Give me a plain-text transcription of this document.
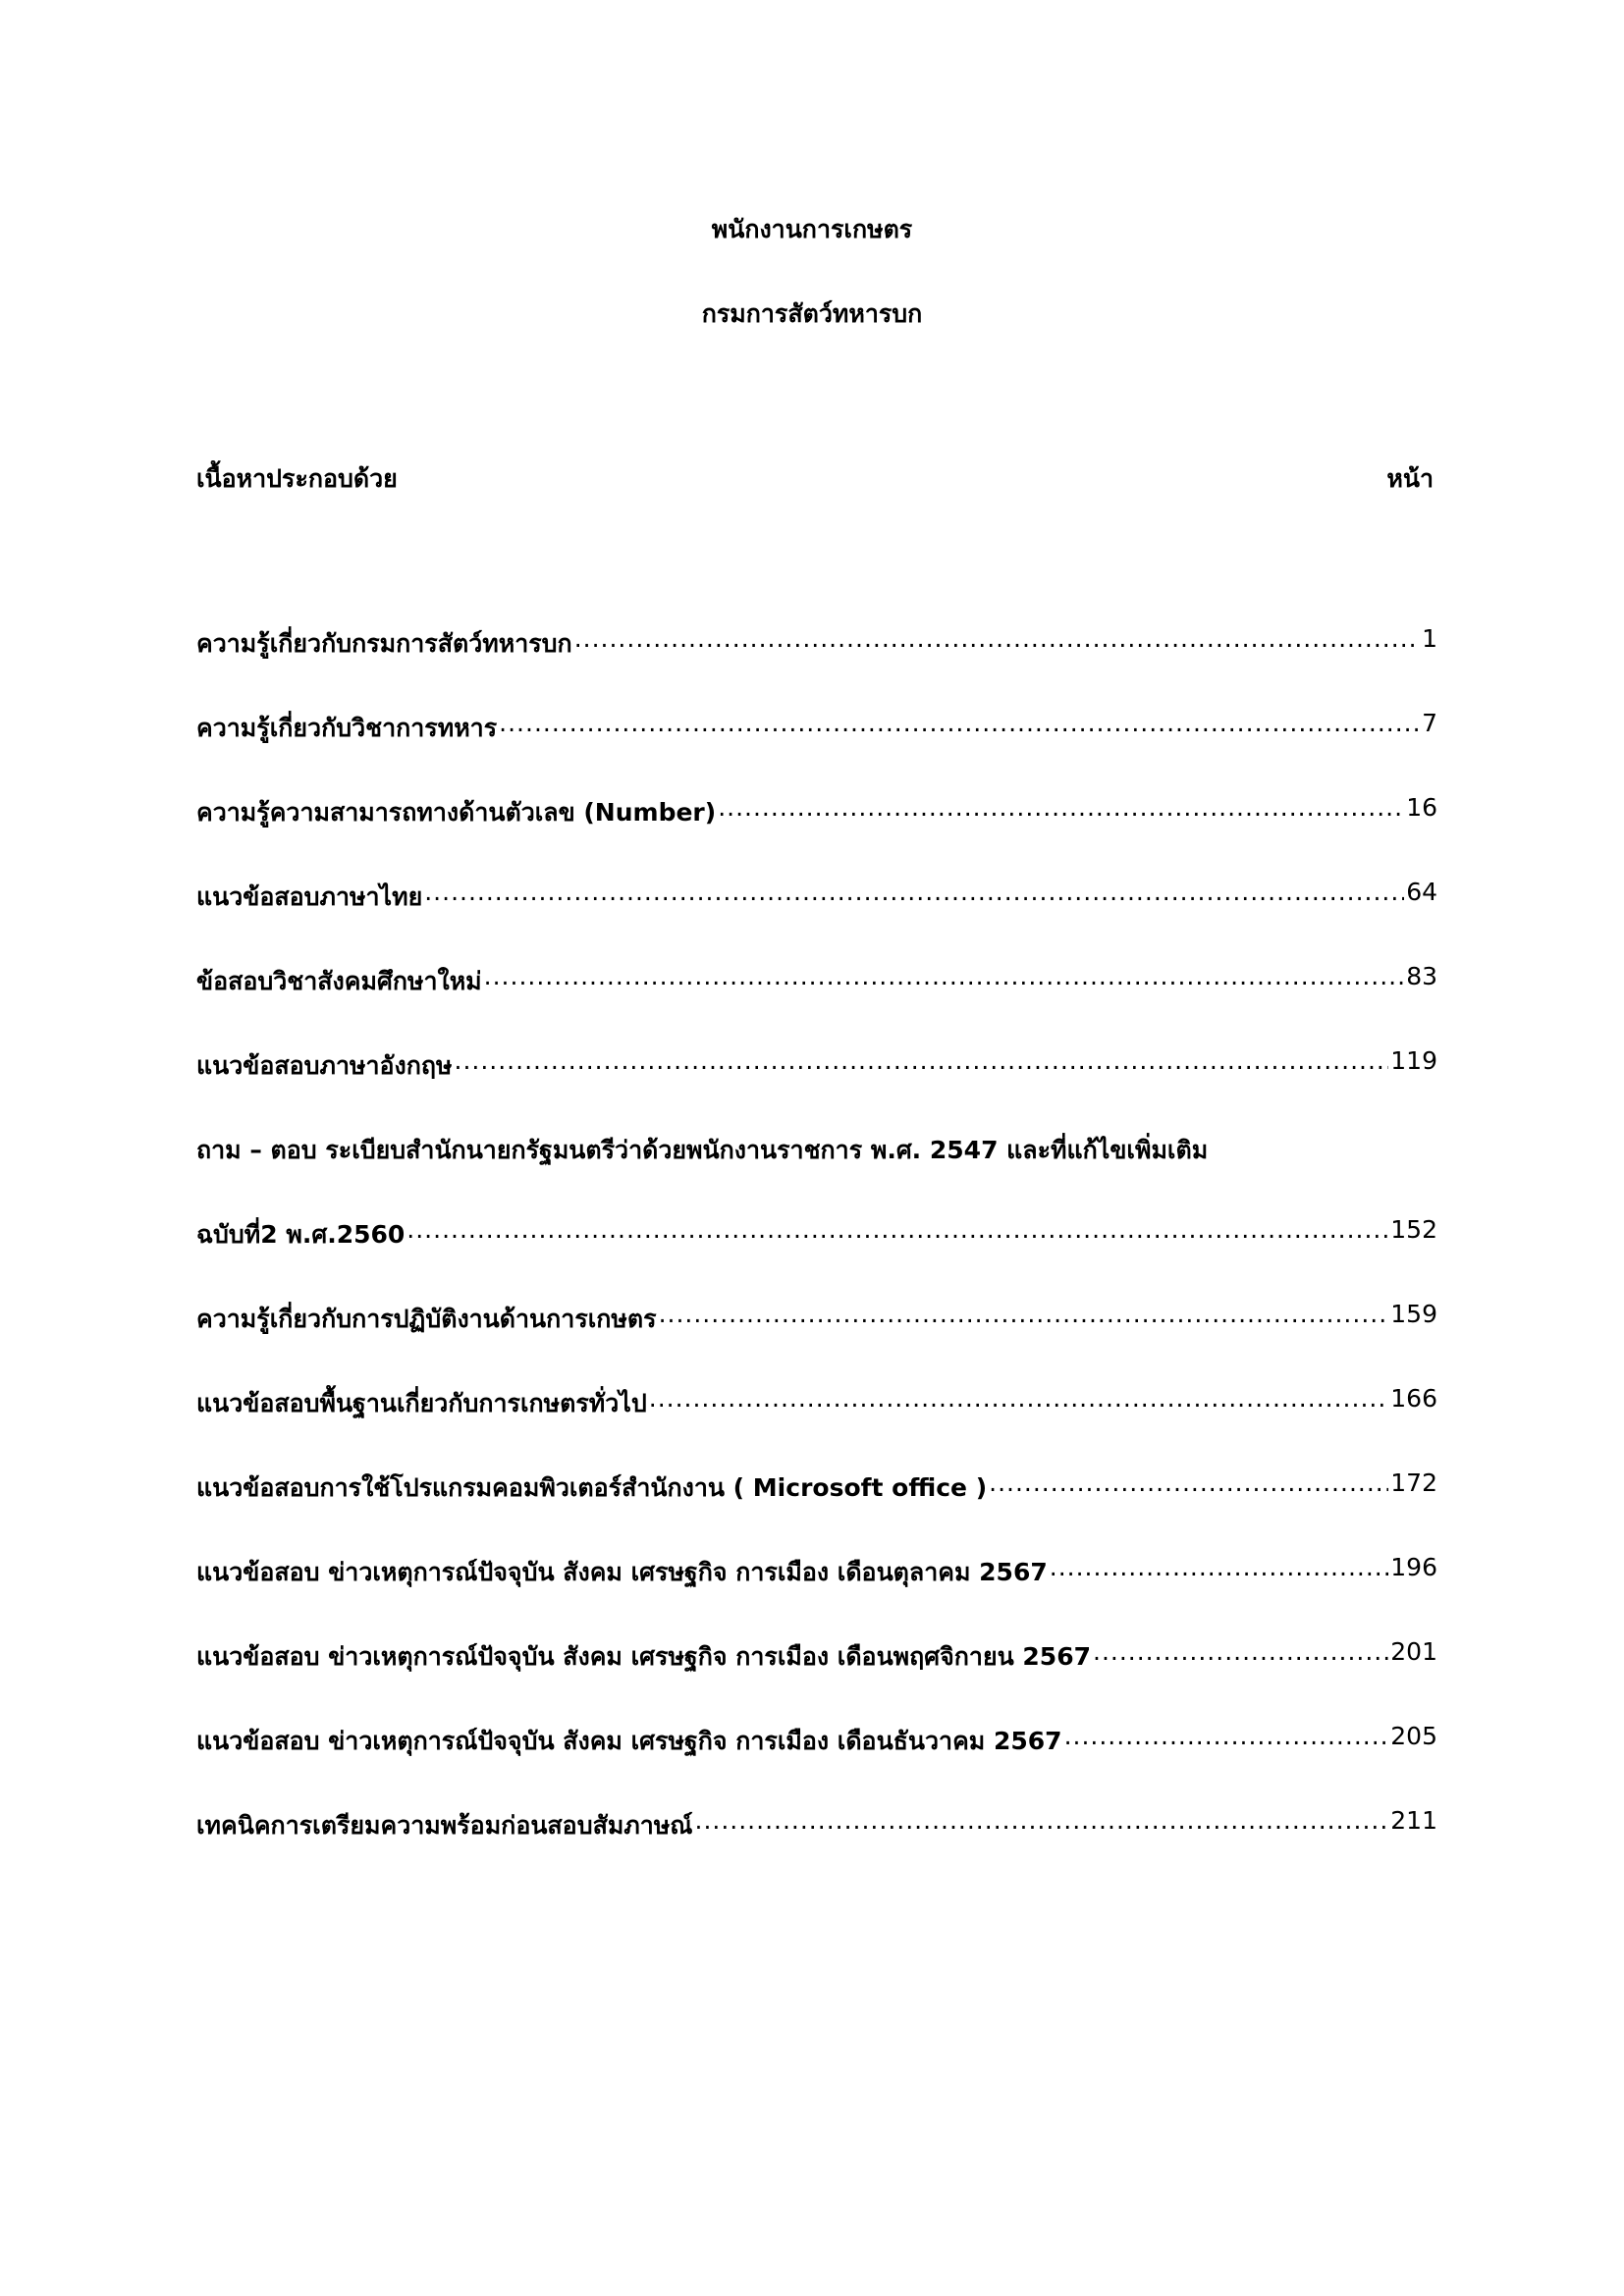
พนักงานการเกษตร
กรมการสัตว์ทหารบก
เนื้อหาประกอบด้วย	หน้า
ความรู้เกี่ยวกับกรมการสัตว์ทหารบก .....	1
ความรู้เกี่ยวกับวิชาการทหาร .....	7
ความรู้ความสามารถทางด้านตัวเลข (Number) .....	16
แนวข้อสอบภาษาไทย .....	64
ข้อสอบวิชาสังคมศึกษาใหม่ .....	83
แนวข้อสอบภาษาอังกฤษ .....	119
ถาม – ตอบ ระเบียบสำนักนายกรัฐมนตรีว่าด้วยพนักงานราชการ พ.ศ. 2547 และที่แก้ไขเพิ่มเติม
ฉบับที่2 พ.ศ.2560 .....	152
ความรู้เกี่ยวกับการปฏิบัติงานด้านการเกษตร .....	159
แนวข้อสอบพื้นฐานเกี่ยวกับการเกษตรทั่วไป .....	166
แนวข้อสอบการใช้โปรแกรมคอมพิวเตอร์สำนักงาน ( Microsoft office ) .....	172
แนวข้อสอบ ข่าวเหตุการณ์ปัจจุบัน สังคม เศรษฐกิจ การเมือง เดือนตุลาคม 2567 .....	196
แนวข้อสอบ ข่าวเหตุการณ์ปัจจุบัน สังคม เศรษฐกิจ การเมือง เดือนพฤศจิกายน 2567 .....	201
แนวข้อสอบ ข่าวเหตุการณ์ปัจจุบัน สังคม เศรษฐกิจ การเมือง เดือนธันวาคม 2567 .....	205
เทคนิคการเตรียมความพร้อมก่อนสอบสัมภาษณ์ .....	211
